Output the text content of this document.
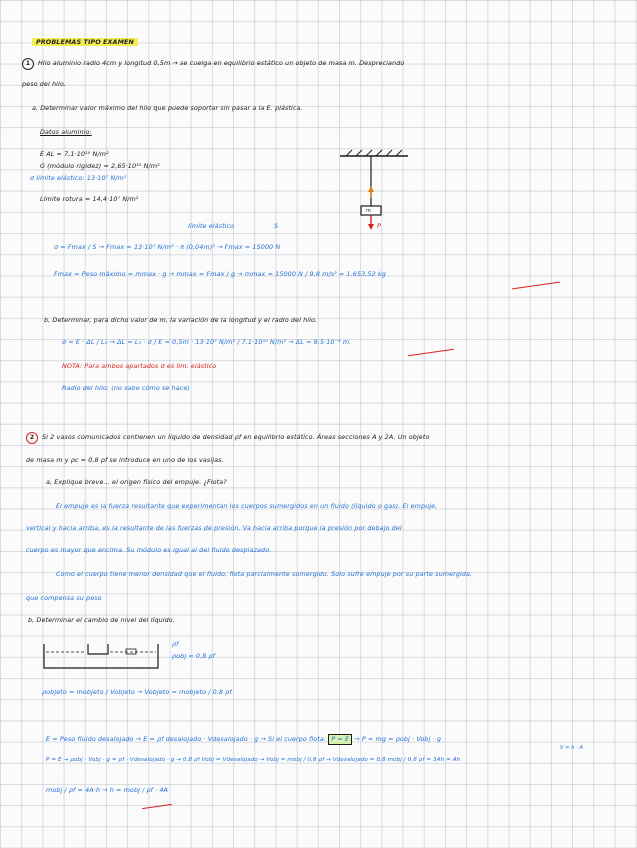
PROBLEMAS TIPO EXAMEN
1 Hilo aluminio radio 4cm y longitud 0,5m → se cuelga en equilibrio estático un objeto de masa m. Despreciando
peso del hilo.
a, Determinar valor máximo del hilo que puede soportar sin pasar a la E. plástica.
Datos aluminio:
E AL = 7,1·10¹⁰ N/m²
G (módulo rigidez) = 2,65·10¹⁰ N/m²
σ límite elástico: 13·10⁷ N/m²
Límite rotura = 14,4·10⁷ N/m²
m
P
límite elástico	S
σ = Fmax / S → Fmax = 13·10⁷ N/m² · π (0,04m)² → Fmax = 15000 N
Fmax = Peso máximo = mmax · g → mmax = Fmax / g → mmax = 15000 N / 9,8 m/s² = 1.653,52 kg
b, Determinar, para dicho valor de m, la variación de la longitud y el radio del hilo.
σ = E · ΔL / L₀ → ΔL = L₀ · σ / E = 0,5m · 13·10⁷ N/m² / 7,1·10¹⁰ N/m² → ΔL = 9,5·10⁻⁴ m
NOTA: Para ambos apartados σ es lim. elástico
Radio del hilo: (no sabe cómo se hace)
2 Si 2 vasos comunicados contienen un líquido de densidad ρf en equilibrio estático. Áreas secciones A y 2A. Un objeto
de masa m y ρc = 0,8 ρf se introduce en uno de los vasijas.
a, Explique breve... el origen físico del empuje. ¿Flota?
El empuje es la fuerza resultante que experimentan los cuerpos sumergidos en un fluido (líquido o gas). El empuje,
vertical y hacia arriba, es la resultante de las fuerzas de presión. Va hacia arriba porque la presión por debajo del
cuerpo es mayor que encima. Su módulo es igual al del fluido desplazado.
Como el cuerpo tiene menor densidad que el fluido, flota parcialmente sumergido. Solo sufre empuje por su parte sumergida,
que compensa su peso
b, Determinar el cambio de nivel del líquido.
ρf
ρobj = 0,8 ρf
ρobjeto = mobjeto / Vobjeto → Vobjeto = mobjeto / 0,8 ρf
E = Peso fluido desalojado → E = ρf desalojado · Vdesalojado · g → Si el cuerpo flota: P = E → P = mg = ρobj · Vobj · g
V = h · A
P = E → ρobj · Vobj · g = ρf · Vdesalojado · g → 0,8 ρf Vobj = Vdesalojado → Vobj = mobj / 0,8 ρf → Vdesalojado = 0,8 mobj / 0,8 ρf = 3Ah = Ah
mobj / ρf = 4A·h → h = mobj / ρf · 4A
